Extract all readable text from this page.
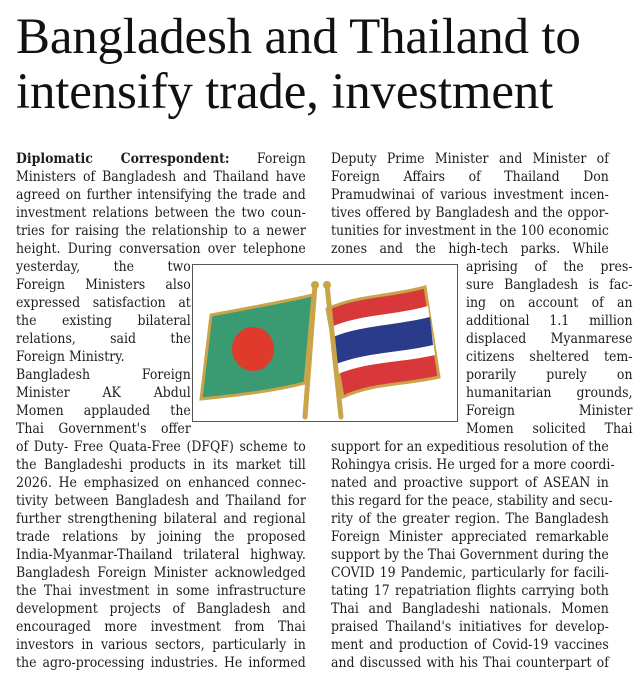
Bangladesh and Thailand to
intensify trade, investment
Diplomatic Correspondent: Foreign
Ministers of Bangladesh and Thailand have
agreed on further intensifying the trade and
investment relations between the two coun-
tries for raising the relationship to a newer
height. During conversation over telephone
yesterday, the two
Foreign Ministers also
expressed satisfaction at
the existing bilateral
relations, said the
Foreign Ministry.
Bangladesh Foreign
Minister AK Abdul
Momen applauded the
Thai Government's offer
of Duty- Free Quata-Free (DFQF) scheme to
the Bangladeshi products in its market till
2026. He emphasized on enhanced connec-
tivity between Bangladesh and Thailand for
further strengthening bilateral and regional
trade relations by joining the proposed
India-Myanmar-Thailand trilateral highway.
Bangladesh Foreign Minister acknowledged
the Thai investment in some infrastructure
development projects of Bangladesh and
encouraged more investment from Thai
investors in various sectors, particularly in
the agro-processing industries. He informed
Deputy Prime Minister and Minister of
Foreign Affairs of Thailand Don
Pramudwinai of various investment incen-
tives offered by Bangladesh and the oppor-
tunities for investment in the 100 economic
zones and the high-tech parks. While
aprising of the pres-
sure Bangladesh is fac-
ing on account of an
additional 1.1 million
displaced Myanmarese
citizens sheltered tem-
porarily purely on
humanitarian grounds,
Foreign Minister
Momen solicited Thai
support for an expeditious resolution of the
Rohingya crisis. He urged for a more coordi-
nated and proactive support of ASEAN in
this regard for the peace, stability and secu-
rity of the greater region. The Bangladesh
Foreign Minister appreciated remarkable
support by the Thai Government during the
COVID 19 Pandemic, particularly for facili-
tating 17 repatriation flights carrying both
Thai and Bangladeshi nationals. Momen
praised Thailand's initiatives for develop-
ment and production of Covid-19 vaccines
and discussed with his Thai counterpart of
